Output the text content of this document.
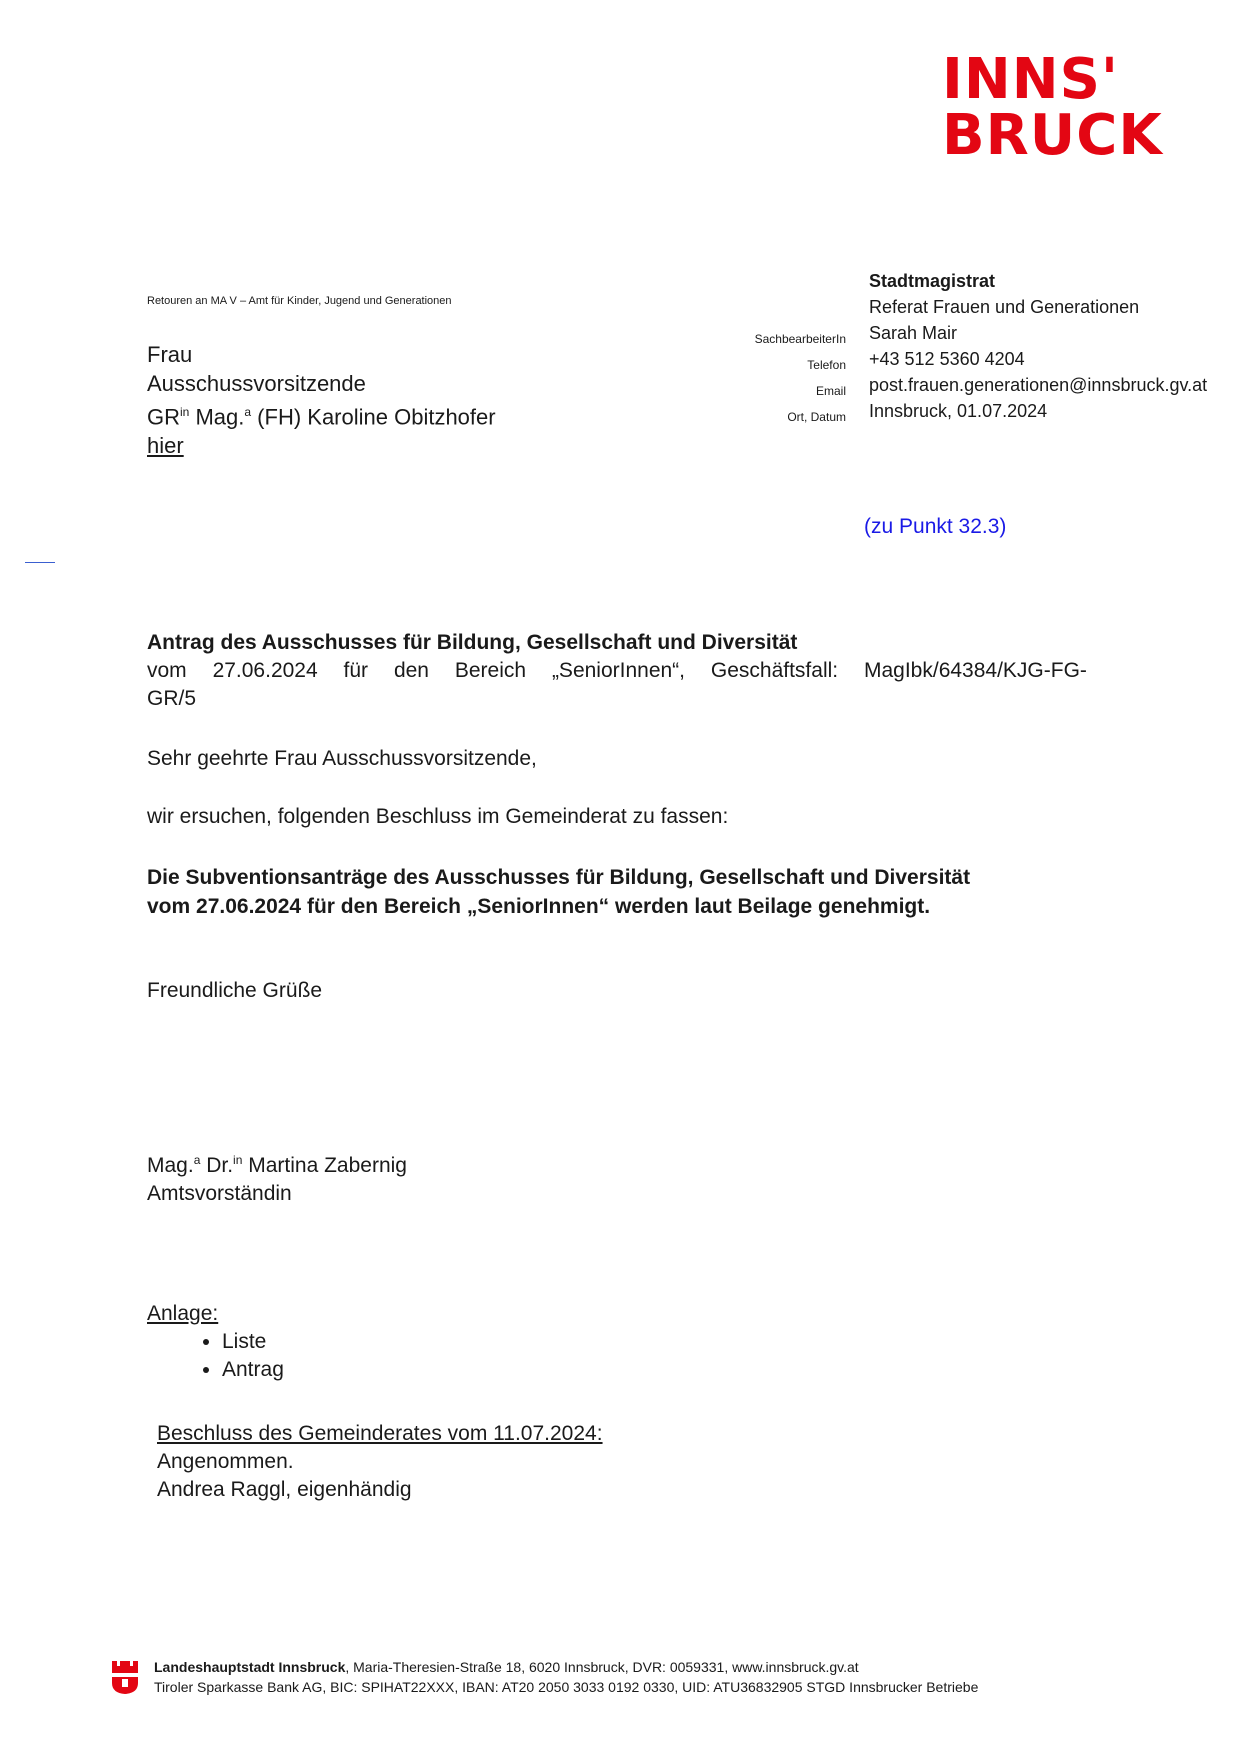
INNS'
BRUCK
Retouren an MA V – Amt für Kinder, Jugend und Generationen
Frau
Ausschussvorsitzende
$GR^{in}$ Mag.$^a$ (FH) Karoline Obitzhofer
hier
SachbearbeiterIn
Telefon
Email
Ort, Datum
Stadtmagistrat
Referat Frauen und Generationen
Sarah Mair
+43 512 5360 4204
post.frauen.generationen@innsbruck.gv.at
Innsbruck, 01.07.2024
(zu Punkt 32.3)
Antrag des Ausschusses für Bildung, Gesellschaft und Diversität
vom 27.06.2024 für den Bereich „SeniorInnen“, Geschäftsfall: MagIbk/64384/KJG-FG-
GR/5
Sehr geehrte Frau Ausschussvorsitzende,
wir ersuchen, folgenden Beschluss im Gemeinderat zu fassen:
Die Subventionsanträge des Ausschusses für Bildung, Gesellschaft und Diversität
vom 27.06.2024 für den Bereich „SeniorInnen“ werden laut Beilage genehmigt.
Freundliche Grüße
Mag.$^a$ Dr.$^{in}$ Martina Zabernig
Amtsvorständin
Anlage:
• Liste
• Antrag
Beschluss des Gemeinderates vom 11.07.2024:
Angenommen.
Andrea Raggl, eigenhändig
Landeshauptstadt Innsbruck, Maria-Theresien-Straße 18, 6020 Innsbruck, DVR: 0059331, www.innsbruck.gv.at
Tiroler Sparkasse Bank AG, BIC: SPIHAT22XXX, IBAN: AT20 2050 3033 0192 0330, UID: ATU36832905 STGD Innsbrucker Betriebe
